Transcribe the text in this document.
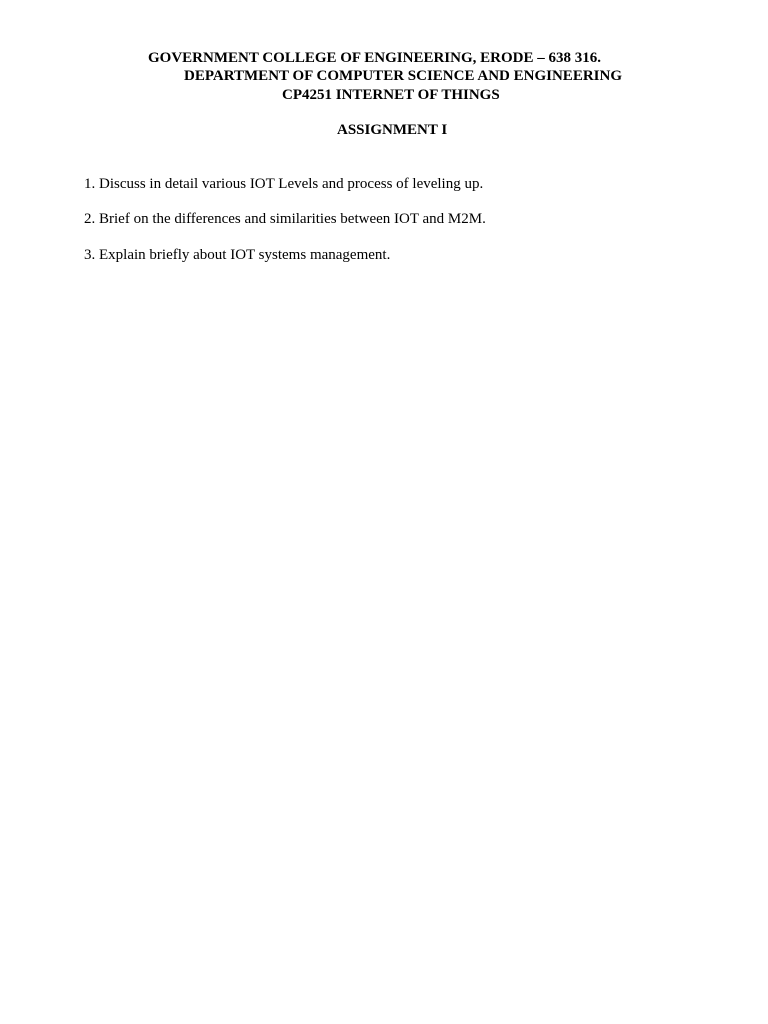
GOVERNMENT COLLEGE OF ENGINEERING, ERODE – 638 316.
DEPARTMENT OF COMPUTER SCIENCE AND ENGINEERING
CP4251 INTERNET OF THINGS
ASSIGNMENT I
1. Discuss in detail various IOT Levels and process of leveling up.
2. Brief on the differences and similarities between IOT and M2M.
3. Explain briefly about IOT systems management.
